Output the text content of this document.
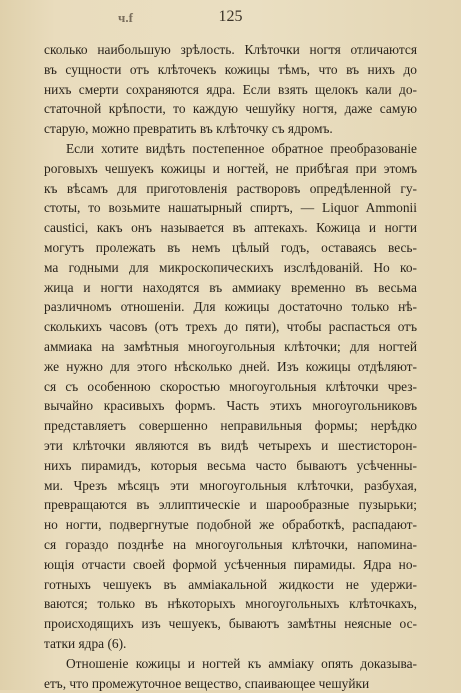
ч.f	125
сколько наибольшую зрѣлость. Клѣточки ногтя отличаются
въ сущности отъ клѣточекъ кожицы тѣмъ, что въ нихъ до
нихъ смерти сохраняются ядра. Если взять щелокъ кали до-
статочной крѣпости, то каждую чешуйку ногтя, даже самую
старую, можно превратить въ клѣточку съ ядромъ.
Если хотите видѣть постепенное обратное преобразованіе
роговыхъ чешуекъ кожицы и ногтей, не прибѣгая при этомъ
къ вѣсамъ для приготовленія растворовъ опредѣленной гу-
стоты, то возьмите нашатырный спиртъ, — Liquor Ammonii
caustici, какъ онъ называется въ аптекахъ. Кожица и ногти
могутъ пролежать въ немъ цѣлый годъ, оставаясь весь-
ма годными для микроскопическихъ изслѣдованій. Но ко-
жица и ногти находятся въ аммиаку временно въ весьма
различномъ отношеніи. Для кожицы достаточно только нѣ-
сколькихъ часовъ (отъ трехъ до пяти), чтобы распасться отъ
аммиака на замѣтныя многоугольныя клѣточки; для ногтей
же нужно для этого нѣсколько дней. Изъ кожицы отдѣляют-
ся съ особенною скоростью многоугольныя клѣточки чрез-
вычайно красивыхъ формъ. Часть этихъ многоугольниковъ
представляетъ совершенно неправильныя формы; нерѣдко
эти клѣточки являются въ видѣ четырехъ и шестисторон-
нихъ пирамидъ, которыя весьма часто бываютъ усѣченны-
ми. Чрезъ мѣсяцъ эти многоугольныя клѣточки, разбухая,
превращаются въ эллиптическіе и шарообразные пузырьки;
но ногти, подвергнутые подобной же обработкѣ, распадают-
ся гораздо позднѣе на многоугольныя клѣточки, напомина-
ющія отчасти своей формой усѣченныя пирамиды. Ядра но-
готныхъ чешуекъ въ аммiакальной жидкости не удержи-
ваются; только въ нѣкоторыхъ многоугольныхъ клѣточкахъ,
происходящихъ изъ чешуекъ, бываютъ замѣтны неясные ос-
татки ядра (6).
Отношеніе кожицы и ногтей къ аммiаку опять доказыва-
етъ, что промежуточное вещество, спаивающее чешуйки
